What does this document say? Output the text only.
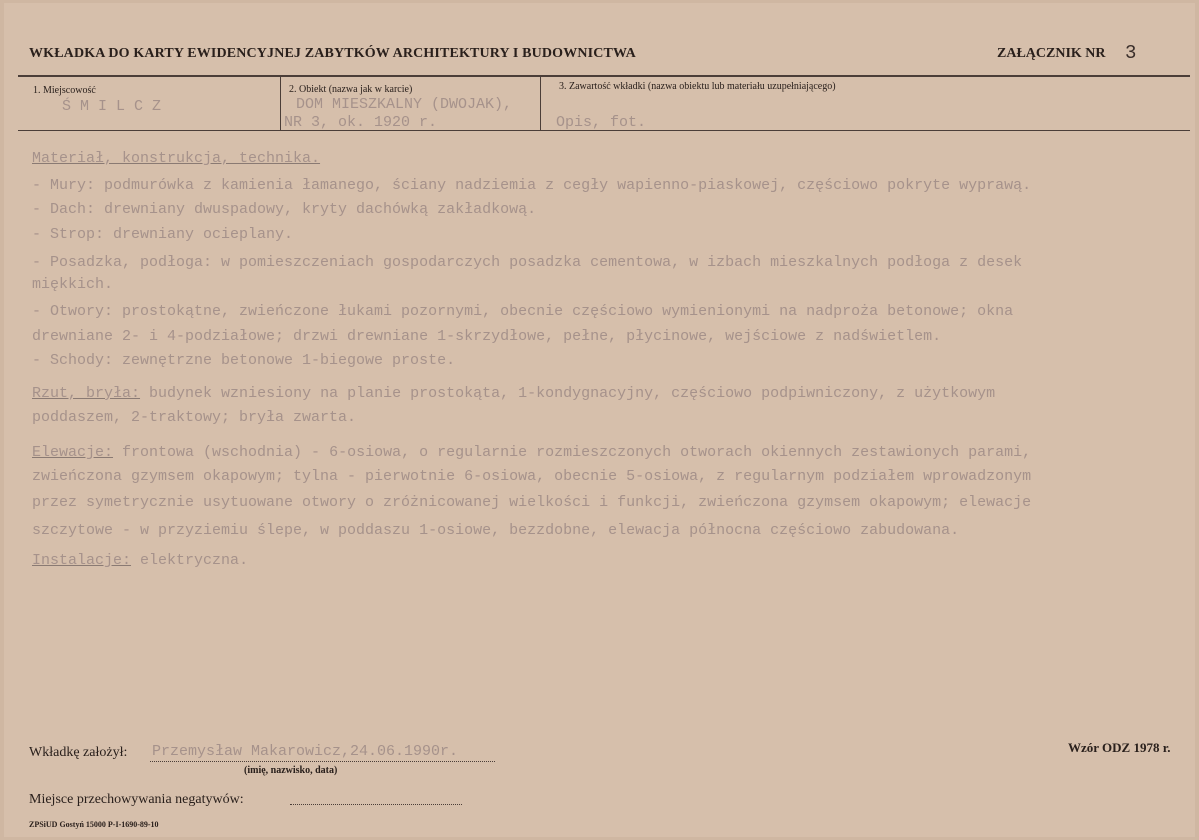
WKŁADKA DO KARTY EWIDENCYJNEJ ZABYTKÓW ARCHITEKTURY I BUDOWNICTWA	ZAŁĄCZNIK NR 3
1. Miejscowość
ŚMILCZ
2. Obiekt (nazwa jak w karcie)
DOM MIESZKALNY (DWOJAK),
NR 3, ok. 1920 r.
3. Zawartość wkładki (nazwa obiektu lub materiału uzupełniającego)
Opis, fot.
Materiał, konstrukcja, technika.
- Mury: podmurówka z kamienia łamanego, ściany nadziemia z cegły wapienno-piaskowej, częściowo pokryte wyprawą.
- Dach: drewniany dwuspadowy, kryty dachówką zakładkową.
- Strop: drewniany ocieplany.
- Posadzka, podłoga: w pomieszczeniach gospodarczych posadzka cementowa, w izbach mieszkalnych podłoga z desek
miękkich.
- Otwory: prostokątne, zwieńczone łukami pozornymi, obecnie częściowo wymienionymi na nadproża betonowe; okna
drewniane 2- i 4-podziałowe; drzwi drewniane 1-skrzydłowe, pełne, płycinowe, wejściowe z nadświetlem.
- Schody: zewnętrzne betonowe 1-biegowe proste.
Rzut, bryła: budynek wzniesiony na planie prostokąta, 1-kondygnacyjny, częściowo podpiwniczony, z użytkowym
poddaszem, 2-traktowy; bryła zwarta.
Elewacje: frontowa (wschodnia) - 6-osiowa, o regularnie rozmieszczonych otworach okiennych zestawionych parami,
zwieńczona gzymsem okapowym; tylna - pierwotnie 6-osiowa, obecnie 5-osiowa, z regularnym podziałem wprowadzonym
przez symetrycznie usytuowane otwory o zróżnicowanej wielkości i funkcji, zwieńczona gzymsem okapowym; elewacje
szczytowe - w przyziemiu ślepe, w poddaszu 1-osiowe, bezzdobne, elewacja północna częściowo zabudowana.
Instalacje: elektryczna.
Wkładkę założył: Przemysław Makarowicz,24.06.1990r.
(imię, nazwisko, data)
Wzór ODZ 1978 r.
Miejsce przechowywania negatywów:
ZPSiUD Gostyń 15000 P-I-1690-89-10
